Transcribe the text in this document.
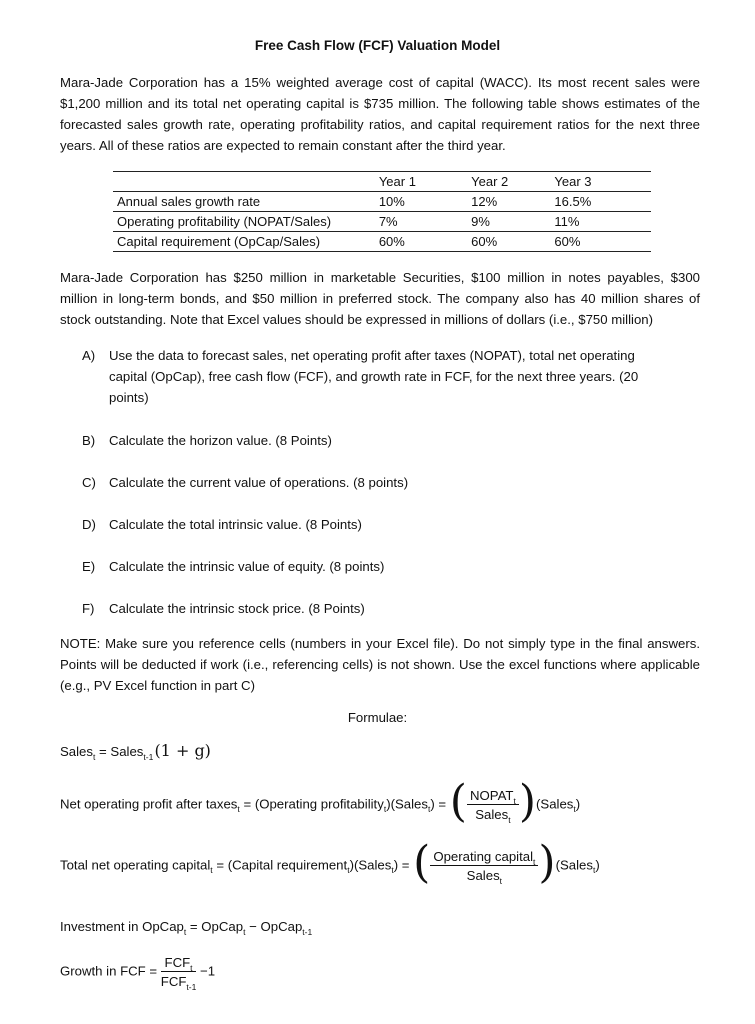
Free Cash Flow (FCF) Valuation Model
Mara-Jade Corporation has a 15% weighted average cost of capital (WACC). Its most recent sales were $1,200 million and its total net operating capital is $735 million. The following table shows estimates of the forecasted sales growth rate, operating profitability ratios, and capital requirement ratios for the next three years. All of these ratios are expected to remain constant after the third year.
	Year 1	Year 2	Year 3
Annual sales growth rate	10%	12%	16.5%
Operating profitability (NOPAT/Sales)	7%	9%	11%
Capital requirement (OpCap/Sales)	60%	60%	60%
Mara-Jade Corporation has $250 million in marketable Securities, $100 million in notes payables, $300 million in long-term bonds, and $50 million in preferred stock. The company also has 40 million shares of stock outstanding. Note that Excel values should be expressed in millions of dollars (i.e., $750 million)
A) Use the data to forecast sales, net operating profit after taxes (NOPAT), total net operating capital (OpCap), free cash flow (FCF), and growth rate in FCF, for the next three years. (20 points)
B) Calculate the horizon value. (8 Points)
C) Calculate the current value of operations. (8 points)
D) Calculate the total intrinsic value. (8 Points)
E) Calculate the intrinsic value of equity. (8 points)
F) Calculate the intrinsic stock price. (8 Points)
NOTE: Make sure you reference cells (numbers in your Excel file). Do not simply type in the final answers. Points will be deducted if work (i.e., referencing cells) is not shown. Use the excel functions where applicable (e.g., PV Excel function in part C)
Formulae:
Sales$_t$ = Sales$_{t-1}$ (1 + g)
Net operating profit after taxes$_t$ = (Operating profitability$_t$)(Sales$_t$) = ( $\frac{NOPAT_t}{Sales_t}$ )(Sales$_t$)
Total net operating capital$_t$ = (Capital requirement$_t$)(Sales$_t$) = ( $\frac{Operating capital_t}{Sales_t}$ )(Sales$_t$)
Investment in OpCap$_t$ = OpCap$_t$ − OpCap$_{t-1}$
Growth in FCF = $\frac{FCF_t}{FCF_{t-1}} -1$
